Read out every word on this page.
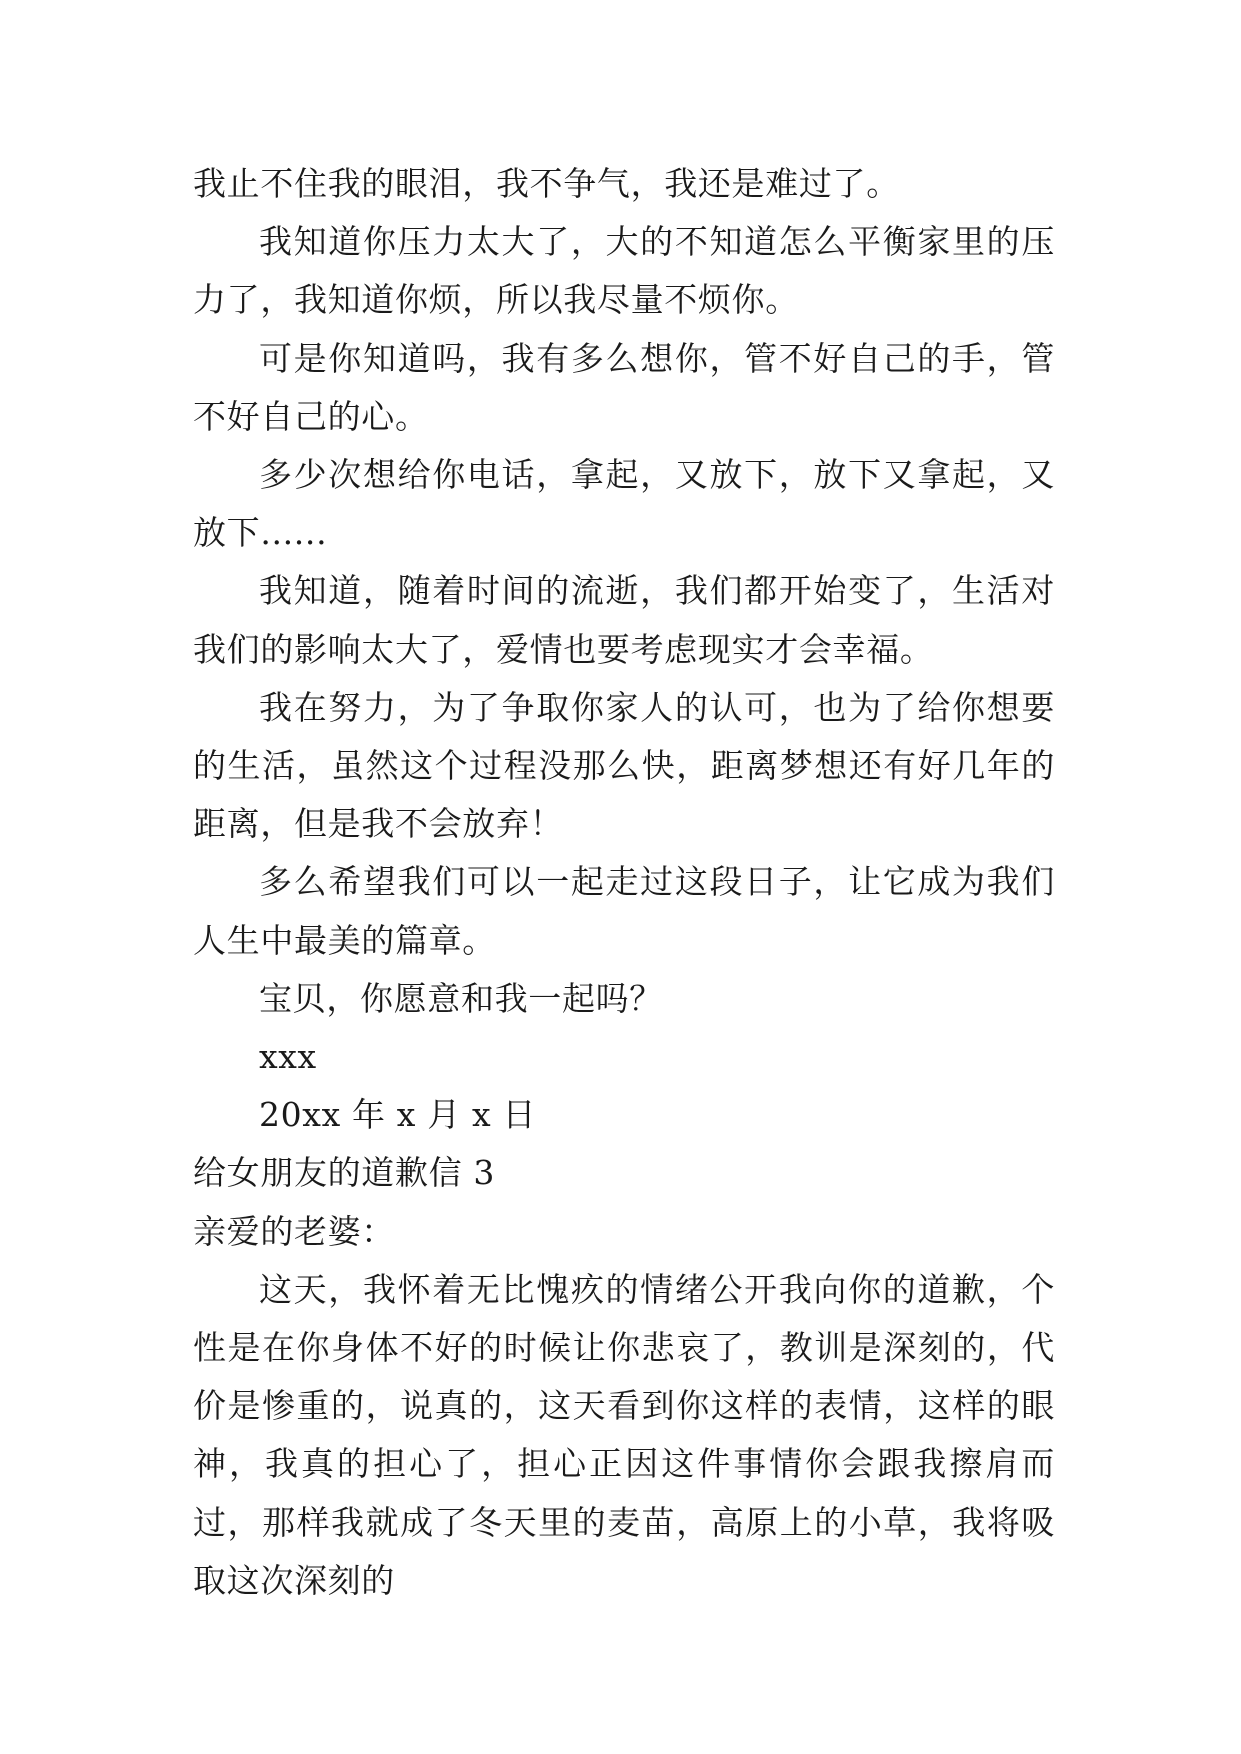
我止不住我的眼泪，我不争气，我还是难过了。

我知道你压力太大了，大的不知道怎么平衡家里的压力了，我知道你烦，所以我尽量不烦你。

可是你知道吗，我有多么想你，管不好自己的手，管不好自己的心。

多少次想给你电话，拿起，又放下，放下又拿起，又放下......

我知道，随着时间的流逝，我们都开始变了，生活对我们的影响太大了，爱情也要考虑现实才会幸福。

我在努力，为了争取你家人的认可，也为了给你想要的生活，虽然这个过程没那么快，距离梦想还有好几年的距离，但是我不会放弃！

多么希望我们可以一起走过这段日子，让它成为我们人生中最美的篇章。

宝贝，你愿意和我一起吗？

xxx

20xx 年 x 月 x 日

给女朋友的道歉信 3

亲爱的老婆：

这天，我怀着无比愧疚的情绪公开我向你的道歉，个性是在你身体不好的时候让你悲哀了，教训是深刻的，代价是惨重的，说真的，这天看到你这样的表情，这样的眼神，我真的担心了，担心正因这件事情你会跟我擦肩而过，那样我就成了冬天里的麦苗，高原上的小草，我将吸取这次深刻的
